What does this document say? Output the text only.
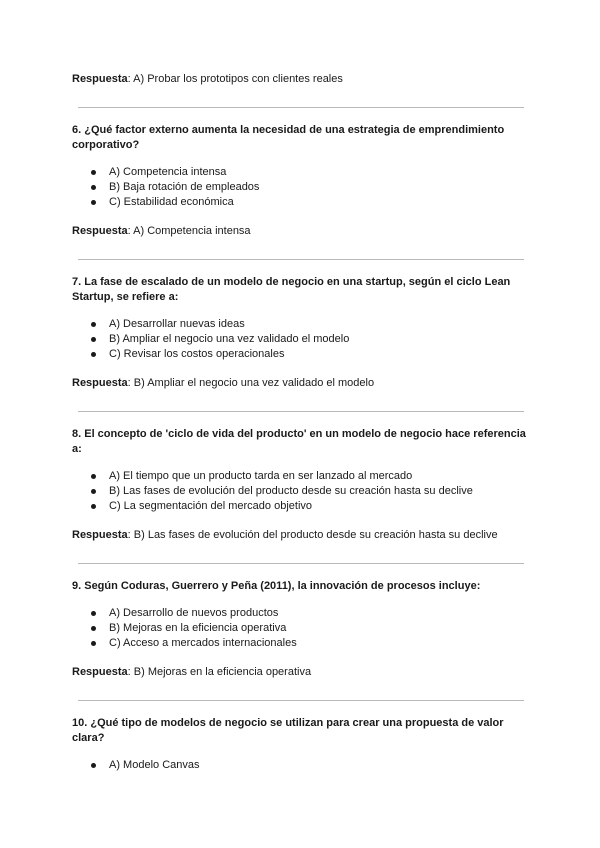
Respuesta: A) Probar los prototipos con clientes reales

6. ¿Qué factor externo aumenta la necesidad de una estrategia de emprendimiento corporativo?

A) Competencia intensa
B) Baja rotación de empleados
C) Estabilidad económica

Respuesta: A) Competencia intensa

7. La fase de escalado de un modelo de negocio en una startup, según el ciclo Lean Startup, se refiere a:

A) Desarrollar nuevas ideas
B) Ampliar el negocio una vez validado el modelo
C) Revisar los costos operacionales

Respuesta: B) Ampliar el negocio una vez validado el modelo

8. El concepto de 'ciclo de vida del producto' en un modelo de negocio hace referencia a:

A) El tiempo que un producto tarda en ser lanzado al mercado
B) Las fases de evolución del producto desde su creación hasta su declive
C) La segmentación del mercado objetivo

Respuesta: B) Las fases de evolución del producto desde su creación hasta su declive

9. Según Coduras, Guerrero y Peña (2011), la innovación de procesos incluye:

A) Desarrollo de nuevos productos
B) Mejoras en la eficiencia operativa
C) Acceso a mercados internacionales

Respuesta: B) Mejoras en la eficiencia operativa

10. ¿Qué tipo de modelos de negocio se utilizan para crear una propuesta de valor clara?

A) Modelo Canvas
